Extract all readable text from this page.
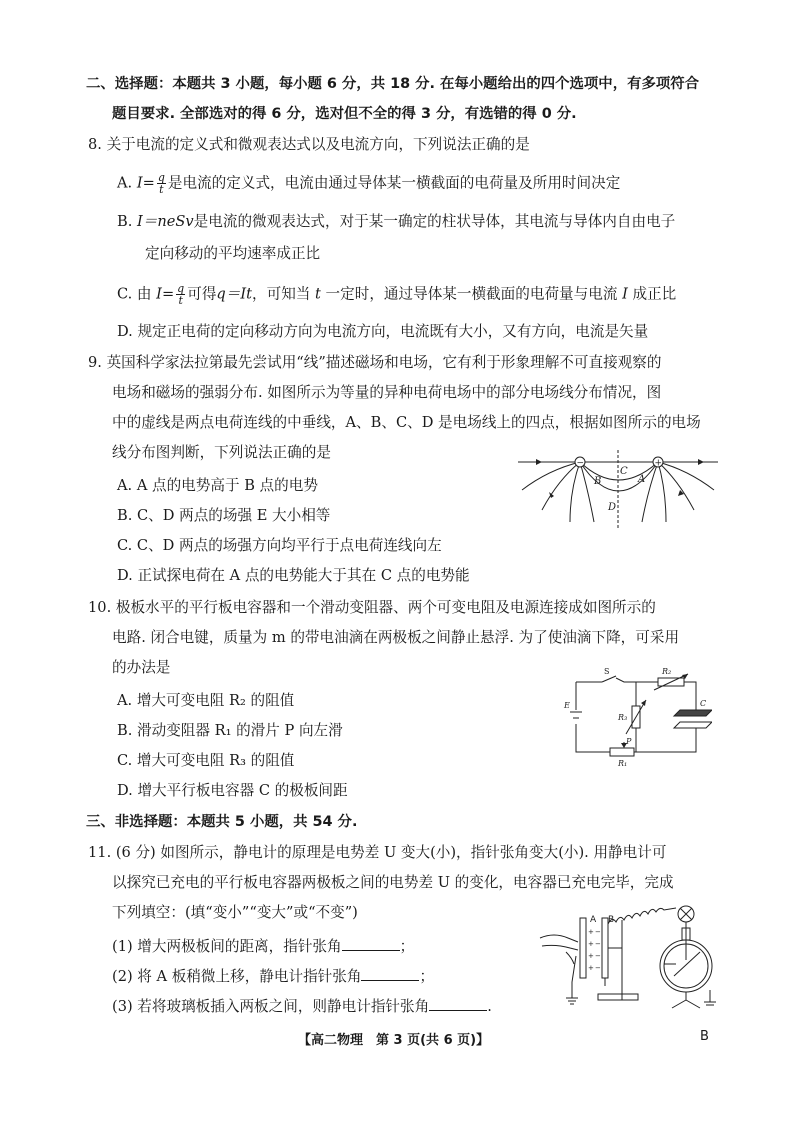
二、选择题：本题共 3 小题，每小题 6 分，共 18 分. 在每小题给出的四个选项中，有多项符合
题目要求. 全部选对的得 6 分，选对但不全的得 3 分，有选错的得 0 分.
8. 关于电流的定义式和微观表达式以及电流方向，下列说法正确的是
A. $I= \frac{q}{t}$ 是电流的定义式，电流由通过导体某一横截面的电荷量及所用时间决定
B. I＝neSv是电流的微观表达式，对于某一确定的柱状导体，其电流与导体内自由电子
定向移动的平均速率成正比
C. 由 $I= \frac{q}{t}$ 可得q＝It，可知当 t 一定时，通过导体某一横截面的电荷量与电流 I 成正比
D. 规定正电荷的定向移动方向为电流方向，电流既有大小，又有方向，电流是矢量
9. 英国科学家法拉第最先尝试用“线”描述磁场和电场，它有利于形象理解不可直接观察的
电场和磁场的强弱分布. 如图所示为等量的异种电荷电场中的部分电场线分布情况，图
中的虚线是两点电荷连线的中垂线，A、B、C、D 是电场线上的四点，根据如图所示的电场
线分布图判断，下列说法正确的是
A. A 点的电势高于 B 点的电势
B. C、D 两点的场强 E 大小相等
C. C、D 两点的场强方向均平行于点电荷连线向左
D. 正试探电荷在 A 点的电势能大于其在 C 点的电势能
−	+
C
B	A
D
10. 极板水平的平行板电容器和一个滑动变阻器、两个可变电阻及电源连接成如图所示的
电路. 闭合电键，质量为 m 的带电油滴在两极板之间静止悬浮. 为了使油滴下降，可采用
的办法是
A. 增大可变电阻 R₂ 的阻值
B. 滑动变阻器 R₁ 的滑片 P 向左滑
C. 增大可变电阻 R₃ 的阻值
D. 增大平行板电容器 C 的极板间距
S	R₂
E
R₃
C
P
R₁
三、非选择题：本题共 5 小题，共 54 分.
11. (6 分) 如图所示，静电计的原理是电势差 U 变大(小)，指针张角变大(小). 用静电计可
以探究已充电的平行板电容器两极板之间的电势差 U 的变化，电容器已充电完毕，完成
下列填空：(填“变小”“变大”或“不变”)
(1) 增大两极板间的距离，指针张角	；
(2) 将 A 板稍微上移，静电计指针张角	；
(3) 若将玻璃板插入两板之间，则静电计指针张角	.
A B
+
+
+
+
−
−
−
−
【高二物理　第 3 页(共 6 页)】	B
